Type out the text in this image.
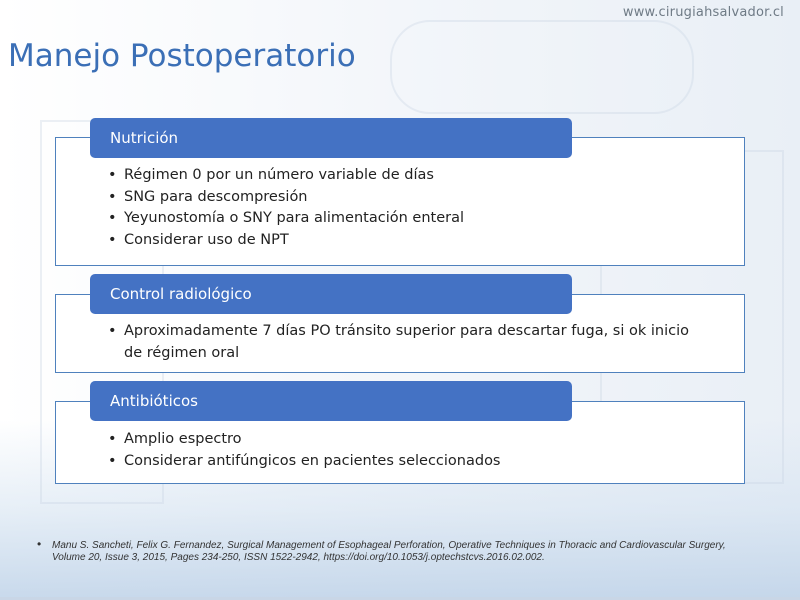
www.cirugiahsalvador.cl
Manejo Postoperatorio
Nutrición
• Régimen 0 por un número variable de días
• SNG para descompresión
• Yeyunostomía o SNY para alimentación enteral
• Considerar uso de NPT
Control radiológico
• Aproximadamente 7 días PO tránsito superior para descartar fuga, si ok inicio de régimen oral
Antibióticos
• Amplio espectro
• Considerar antifúngicos en pacientes seleccionados
• Manu S. Sancheti, Felix G. Fernandez, Surgical Management of Esophageal Perforation, Operative Techniques in Thoracic and Cardiovascular Surgery, Volume 20, Issue 3, 2015, Pages 234-250, ISSN 1522-2942, https://doi.org/10.1053/j.optechstcvs.2016.02.002.
